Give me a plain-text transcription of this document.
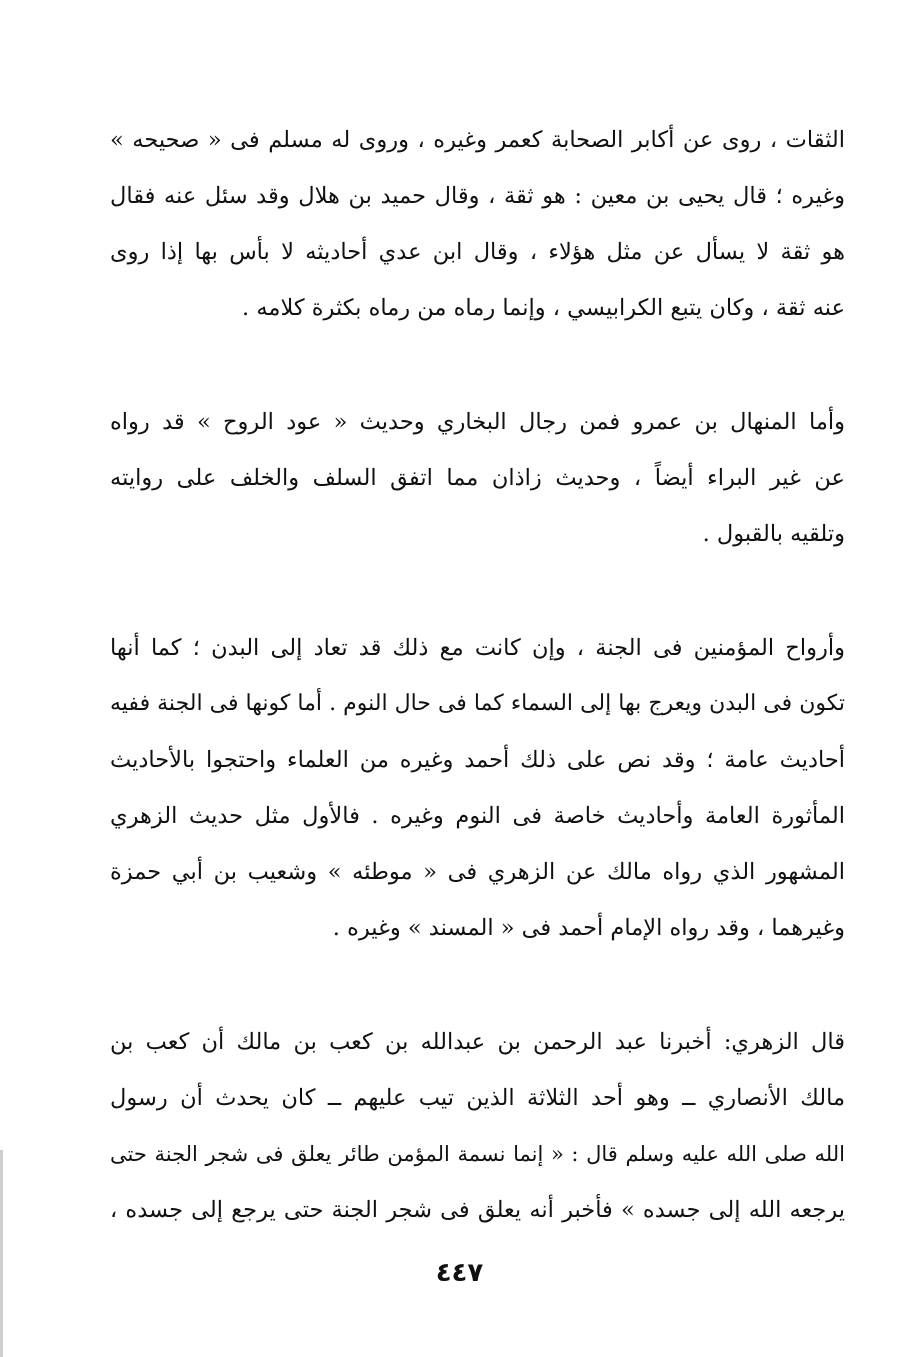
الثقات ، روى عن أكابر الصحابة كعمر وغيره ، وروى له مسلم فى « صحيحه »
وغيره ؛ قال يحيى بن معين : هو ثقة ، وقال حميد بن هلال وقد سئل عنه فقال
هو ثقة لا يسأل عن مثل هؤلاء ، وقال ابن عدي أحاديثه لا بأس بها إذا روى
عنه ثقة ، وكان يتبع الكرابيسي ، وإنما رماه من رماه بكثرة كلامه .
وأما المنهال بن عمرو فمن رجال البخاري وحديث « عود الروح » قد رواه
عن غير البراء أيضاً ، وحديث زاذان مما اتفق السلف والخلف على روايته
وتلقيه بالقبول .
وأرواح المؤمنين فى الجنة ، وإن كانت مع ذلك قد تعاد إلى البدن ؛ كما أنها
تكون فى البدن ويعرج بها إلى السماء كما فى حال النوم . أما كونها فى الجنة ففيه
أحاديث عامة ؛ وقد نص على ذلك أحمد وغيره من العلماء واحتجوا بالأحاديث
المأثورة العامة وأحاديث خاصة فى النوم وغيره . فالأول مثل حديث الزهري
المشهور الذي رواه مالك عن الزهري فى « موطئه » وشعيب بن أبي حمزة
وغيرهما ، وقد رواه الإمام أحمد فى « المسند » وغيره .
قال الزهري: أخبرنا عبد الرحمن بن عبدالله بن كعب بن مالك أن كعب بن
مالك الأنصاري ــ وهو أحد الثلاثة الذين تيب عليهم ــ كان يحدث أن رسول
الله صلى الله عليه وسلم قال : « إنما نسمة المؤمن طائر يعلق فى شجر الجنة حتى
يرجعه الله إلى جسده » فأخبر أنه يعلق فى شجر الجنة حتى يرجع إلى جسده ،
٤٤٧
